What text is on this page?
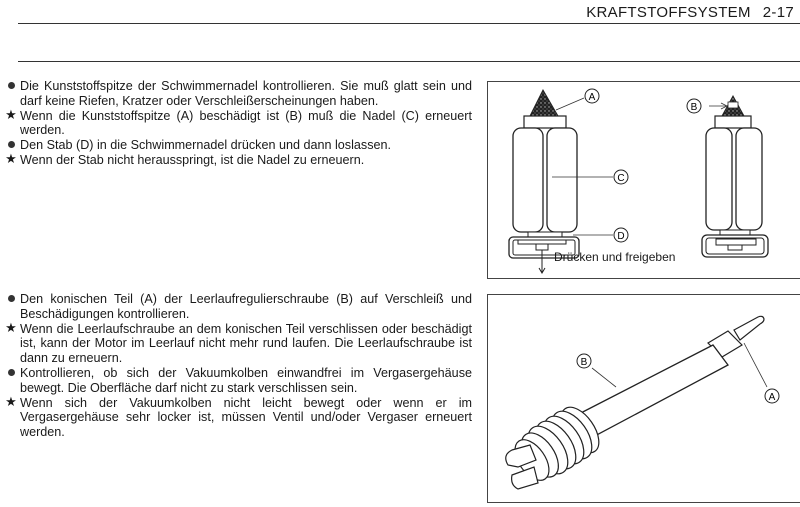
KRAFTSTOFFSYSTEM 2-17
Die Kunststoffspitze der Schwimmernadel kontrollieren. Sie muß glatt sein und darf keine Riefen, Kratzer oder Verschleißerscheinungen haben.
★ Wenn die Kunststoffspitze (A) beschädigt ist (B) muß die Nadel (C) erneuert werden.
Den Stab (D) in die Schwimmernadel drücken und dann loslassen.
★ Wenn der Stab nicht herausspringt, ist die Nadel zu erneuern.
A
C
D
B
Drücken und freigeben
Den konischen Teil (A) der Leerlaufregulierschraube (B) auf Verschleiß und Beschädigungen kontrollieren.
★ Wenn die Leerlaufschraube an dem konischen Teil verschlissen oder beschädigt ist, kann der Motor im Leerlauf nicht mehr rund laufen. Die Leerlaufschraube ist dann zu erneuern.
Kontrollieren, ob sich der Vakuumkolben einwandfrei im Vergasergehäuse bewegt. Die Oberfläche darf nicht zu stark verschlissen sein.
★ Wenn sich der Vakuumkolben nicht leicht bewegt oder wenn er im Vergasergehäuse sehr locker ist, müssen Ventil und/oder Vergaser erneuert werden.
B
A
